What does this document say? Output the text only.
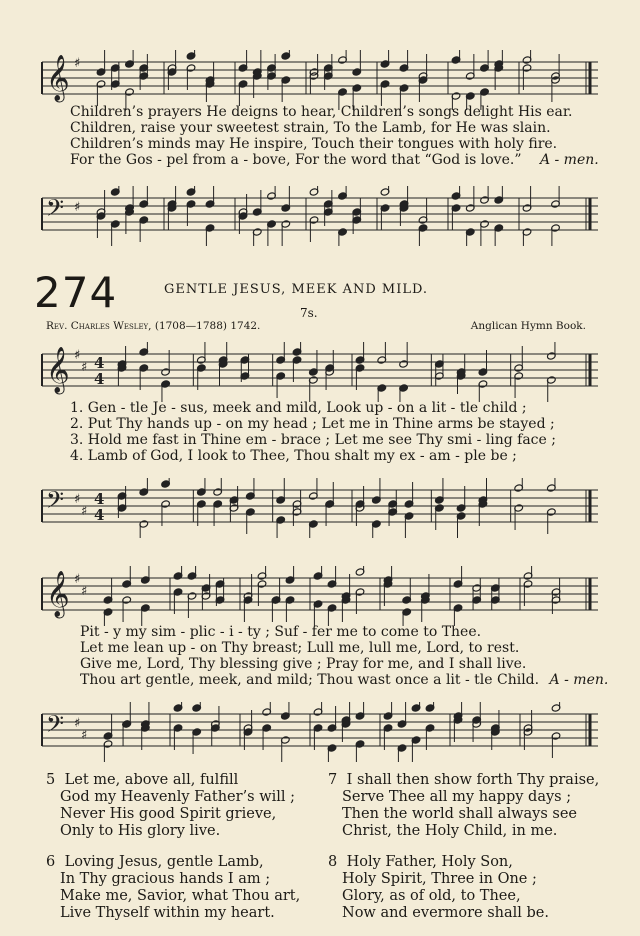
𝄞 ♯
Children’s prayers He deigns to hear, Children’s songs delight His ear.
Children, raise your sweetest strain, To the Lamb, for He was slain.
Children’s minds may He inspire, Touch their tongues with holy fire.
For the Gos - pel from a - bove, For the word that “God is love.” A - men.
𝄢 ♯
274	GENTLE JESUS, MEEK AND MILD.
7s.
Rev. Charles Wesley, (1708—1788) 1742.	Anglican Hymn Book.
𝄞 ♯
♯ 4
4
1. Gen - tle Je - sus, meek and mild, Look up - on a lit - tle child ;
2. Put Thy hands up - on my head ; Let me in Thine arms be stayed ;
3. Hold me fast in Thine em - brace ; Let me see Thy smi - ling face ;
4. Lamb of God, I look to Thee, Thou shalt my ex - am - ple be ;
𝄢 ♯
♯
4
4
𝄞 ♯
♯
Pit - y my sim - plic - i - ty ; Suf - fer me to come to Thee.
Let me lean up - on Thy breast; Lull me, lull me, Lord, to rest.
Give me, Lord, Thy blessing give ; Pray for me, and I shall live.
Thou art gentle, meek, and mild; Thou wast once a lit - tle Child. A - men.
𝄢 ♯
♯
5 Let me, above all, fulfill
God my Heavenly Father’s will ;
Never His good Spirit grieve,
Only to His glory live.
6 Loving Jesus, gentle Lamb,
In Thy gracious hands I am ;
Make me, Savior, what Thou art,
Live Thyself within my heart.
7 I shall then show forth Thy praise,
Serve Thee all my happy days ;
Then the world shall always see
Christ, the Holy Child, in me.
8 Holy Father, Holy Son,
Holy Spirit, Three in One ;
Glory, as of old, to Thee,
Now and evermore shall be.
